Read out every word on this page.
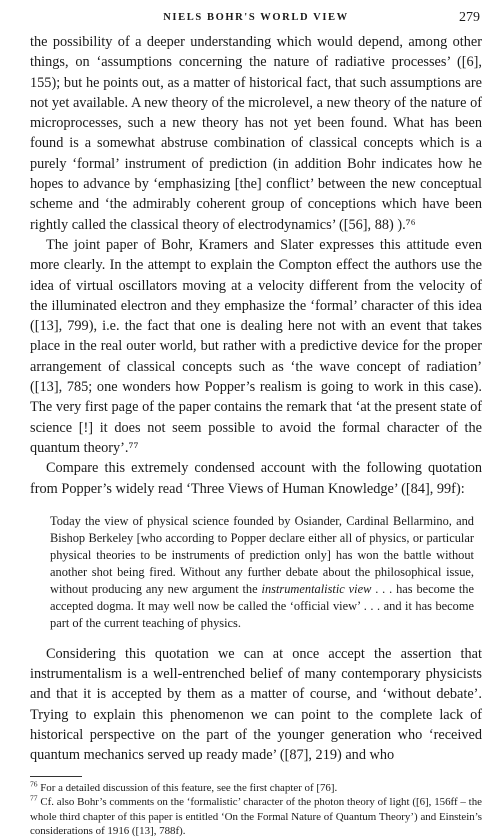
NIELS BOHR'S WORLD VIEW	279

the possibility of a deeper understanding which would depend, among other things, on ‘assumptions concerning the nature of radiative processes’ ([6], 155); but he points out, as a matter of historical fact, that such assumptions are not yet available. A new theory of the microlevel, a new theory of the nature of microprocesses, such a new theory has not yet been found. What has been found is a somewhat abstruse combination of classical concepts which is a purely ‘formal’ instrument of prediction (in addition Bohr indicates how he hopes to advance by ‘emphasizing [the] conflict’ between the new conceptual scheme and ‘the admirably coherent group of conceptions which have been rightly called the classical theory of electrodynamics’ ([56], 88) ).⁷⁶

The joint paper of Bohr, Kramers and Slater expresses this attitude even more clearly. In the attempt to explain the Compton effect the authors use the idea of virtual oscillators moving at a velocity different from the velocity of the illuminated electron and they emphasize the ‘formal’ character of this idea ([13], 799), i.e. the fact that one is dealing here not with an event that takes place in the real outer world, but rather with a predictive device for the proper arrangement of classical concepts such as ‘the wave concept of radiation’ ([13], 785; one wonders how Popper’s realism is going to work in this case). The very first page of the paper contains the remark that ‘at the present state of science [!] it does not seem possible to avoid the formal character of the quantum theory’.⁷⁷

Compare this extremely condensed account with the following quotation from Popper’s widely read ‘Three Views of Human Knowledge’ ([84], 99f):

Today the view of physical science founded by Osiander, Cardinal Bellarmino, and Bishop Berkeley [who according to Popper declare either all of physics, or particular physical theories to be instruments of prediction only] has won the battle without another shot being fired. Without any further debate about the philosophical issue, without producing any new argument the instrumentalistic view . . . has become the accepted dogma. It may well now be called the ‘official view’ . . . and it has become part of the current teaching of physics.

Considering this quotation we can at once accept the assertion that instrumentalism is a well-entrenched belief of many contemporary physicists and that it is accepted by them as a matter of course, and ‘without debate’. Trying to explain this phenomenon we can point to the complete lack of historical perspective on the part of the younger generation who ‘received quantum mechanics served up ready made’ ([87], 219) and who

$^{76}$ For a detailed discussion of this feature, see the first chapter of [76].

$^{77}$ Cf. also Bohr’s comments on the ‘formalistic’ character of the photon theory of light ([6], 156ff – the whole third chapter of this paper is entitled ‘On the Formal Nature of Quantum Theory’) and Einstein’s considerations of 1916 ([13], 788f).
